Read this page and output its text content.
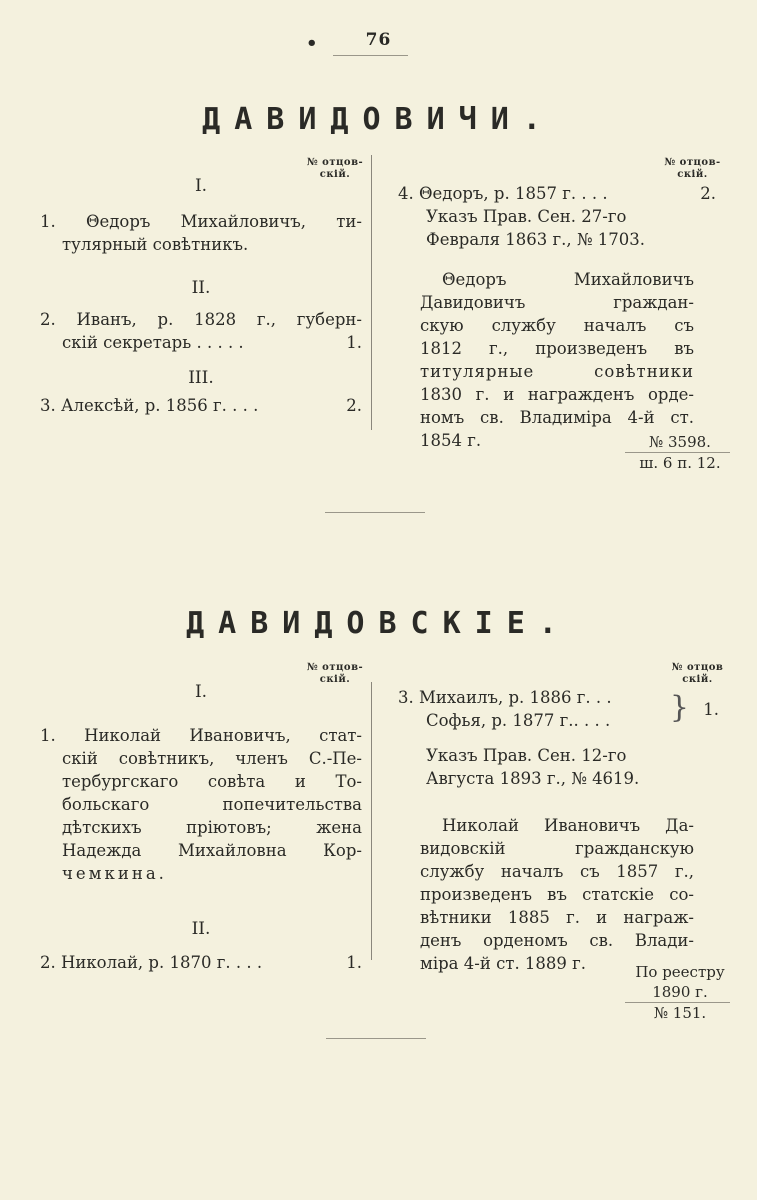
•	76
ДАВИДОВИЧИ.
№ отцов-
скій.
I.
1. Θедоръ Михайловичъ, ти-
тулярный совѣтникъ.
II.
2. Иванъ, р. 1828 г., губерн-
скій секретарь . . . . .	1.
III.
3. Алексѣй, р. 1856 г. . . .	2.
№ отцов-
скій.
4. Θедоръ, р. 1857 г. . . .	2.
Указъ Прав. Сен. 27-го
Февраля 1863 г., № 1703.
Θедоръ Михайловичъ
Давидовичъ граждан-
скую службу началъ съ
1812 г., произведенъ въ
титулярные совѣтники
1830 г. и награжденъ орде-
номъ св. Владиміра 4-й ст.
1854 г.	№ 3598.
ш. 6 п. 12.
ДАВИДОВСКІЕ.
№ отцов-
скій.
I.
1. Николай Ивановичъ, стат-
скій совѣтникъ, членъ С.-Пе-
тербургскаго совѣта и То-
больскаго попечительства
дѣтскихъ пріютовъ; жена
Надежда Михайловна Кор-
чемкина.
II.
2. Николай, р. 1870 г. . . .	1.
№ отцов
скій.
3. Михаилъ, р. 1886 г. . .
Софья, р. 1877 г.. . . .	} 1.
Указъ Прав. Сен. 12-го
Августа 1893 г., № 4619.
Николай Ивановичъ Да-
видовскій гражданскую
службу началъ съ 1857 г.,
произведенъ въ статскіе со-
вѣтники 1885 г. и награж-
денъ орденомъ св. Влади-
міра 4-й ст. 1889 г.	По реестру
1890 г.
№ 151.
